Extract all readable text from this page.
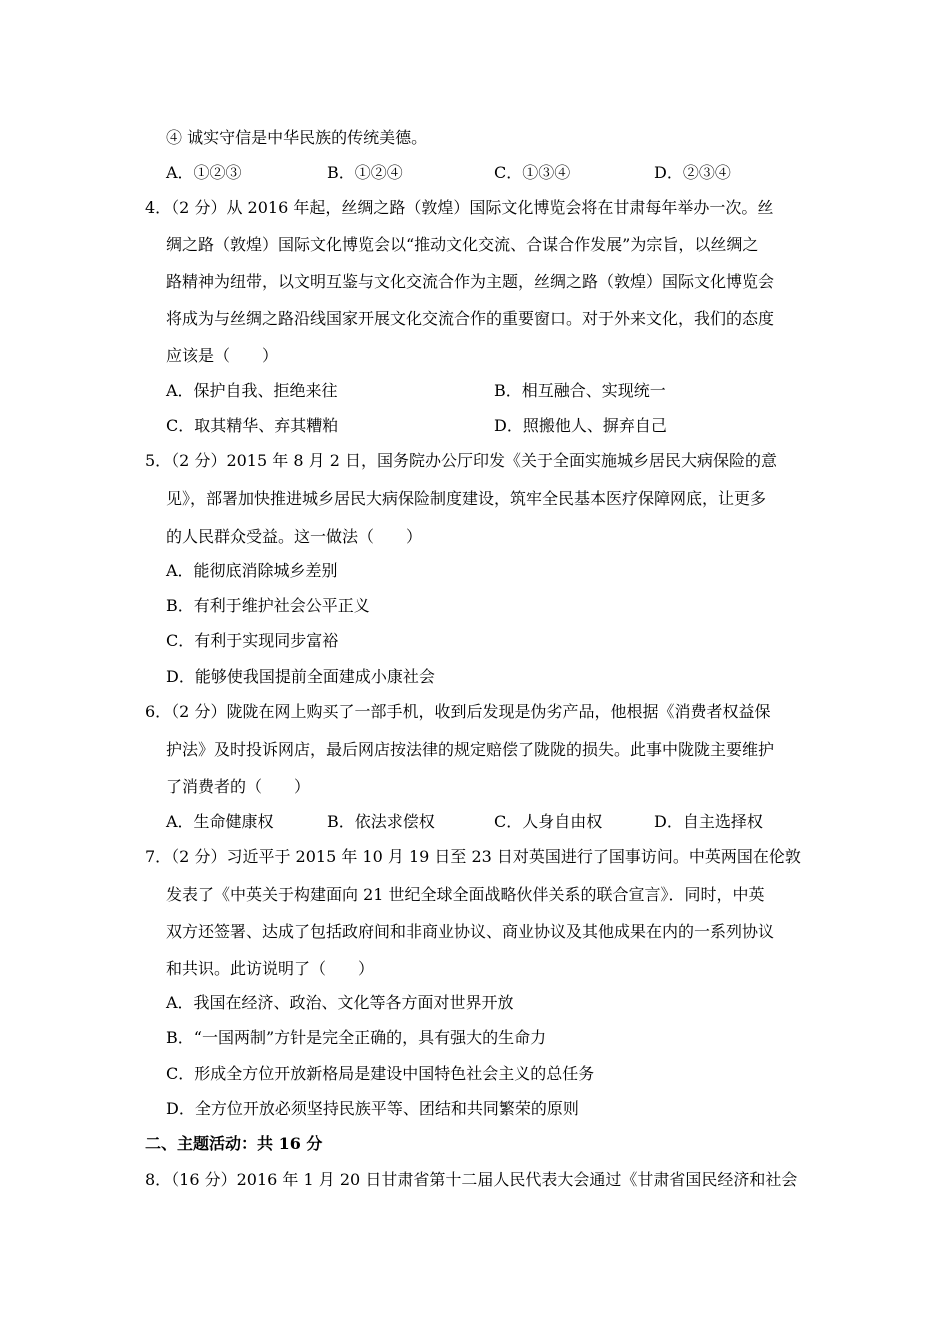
④ 诚实守信是中华民族的传统美德。
A．①②③	B．①②④	C．①③④	D．②③④
4．（2 分）从 2016 年起，丝绸之路（敦煌）国际文化博览会将在甘肃每年举办一次。丝
绸之路（敦煌）国际文化博览会以“推动文化交流、合谋合作发展”为宗旨，以丝绸之
路精神为纽带，以文明互鉴与文化交流合作为主题，丝绸之路（敦煌）国际文化博览会
将成为与丝绸之路沿线国家开展文化交流合作的重要窗口。对于外来文化，我们的态度
应该是（　　）
A．保护自我、拒绝来往	B．相互融合、实现统一
C．取其精华、弃其糟粕	D．照搬他人、摒弃自己
5．（2 分）2015 年 8 月 2 日，国务院办公厅印发《关于全面实施城乡居民大病保险的意
见》，部署加快推进城乡居民大病保险制度建设，筑牢全民基本医疗保障网底，让更多
的人民群众受益。这一做法（　　）
A．能彻底消除城乡差别
B．有利于维护社会公平正义
C．有利于实现同步富裕
D．能够使我国提前全面建成小康社会
6．（2 分）陇陇在网上购买了一部手机，收到后发现是伪劣产品，他根据《消费者权益保
护法》及时投诉网店，最后网店按法律的规定赔偿了陇陇的损失。此事中陇陇主要维护
了消费者的（　　）
A．生命健康权	B．依法求偿权	C．人身自由权	D．自主选择权
7．（2 分）习近平于 2015 年 10 月 19 日至 23 日对英国进行了国事访问。中英两国在伦敦
发表了《中英关于构建面向 21 世纪全球全面战略伙伴关系的联合宣言》．同时，中英
双方还签署、达成了包括政府间和非商业协议、商业协议及其他成果在内的一系列协议
和共识。此访说明了（　　）
A．我国在经济、政治、文化等各方面对世界开放
B．“一国两制”方针是完全正确的，具有强大的生命力
C．形成全方位开放新格局是建设中国特色社会主义的总任务
D．全方位开放必须坚持民族平等、团结和共同繁荣的原则
二、主题活动：共 16 分
8．（16 分）2016 年 1 月 20 日甘肃省第十二届人民代表大会通过《甘肃省国民经济和社会
